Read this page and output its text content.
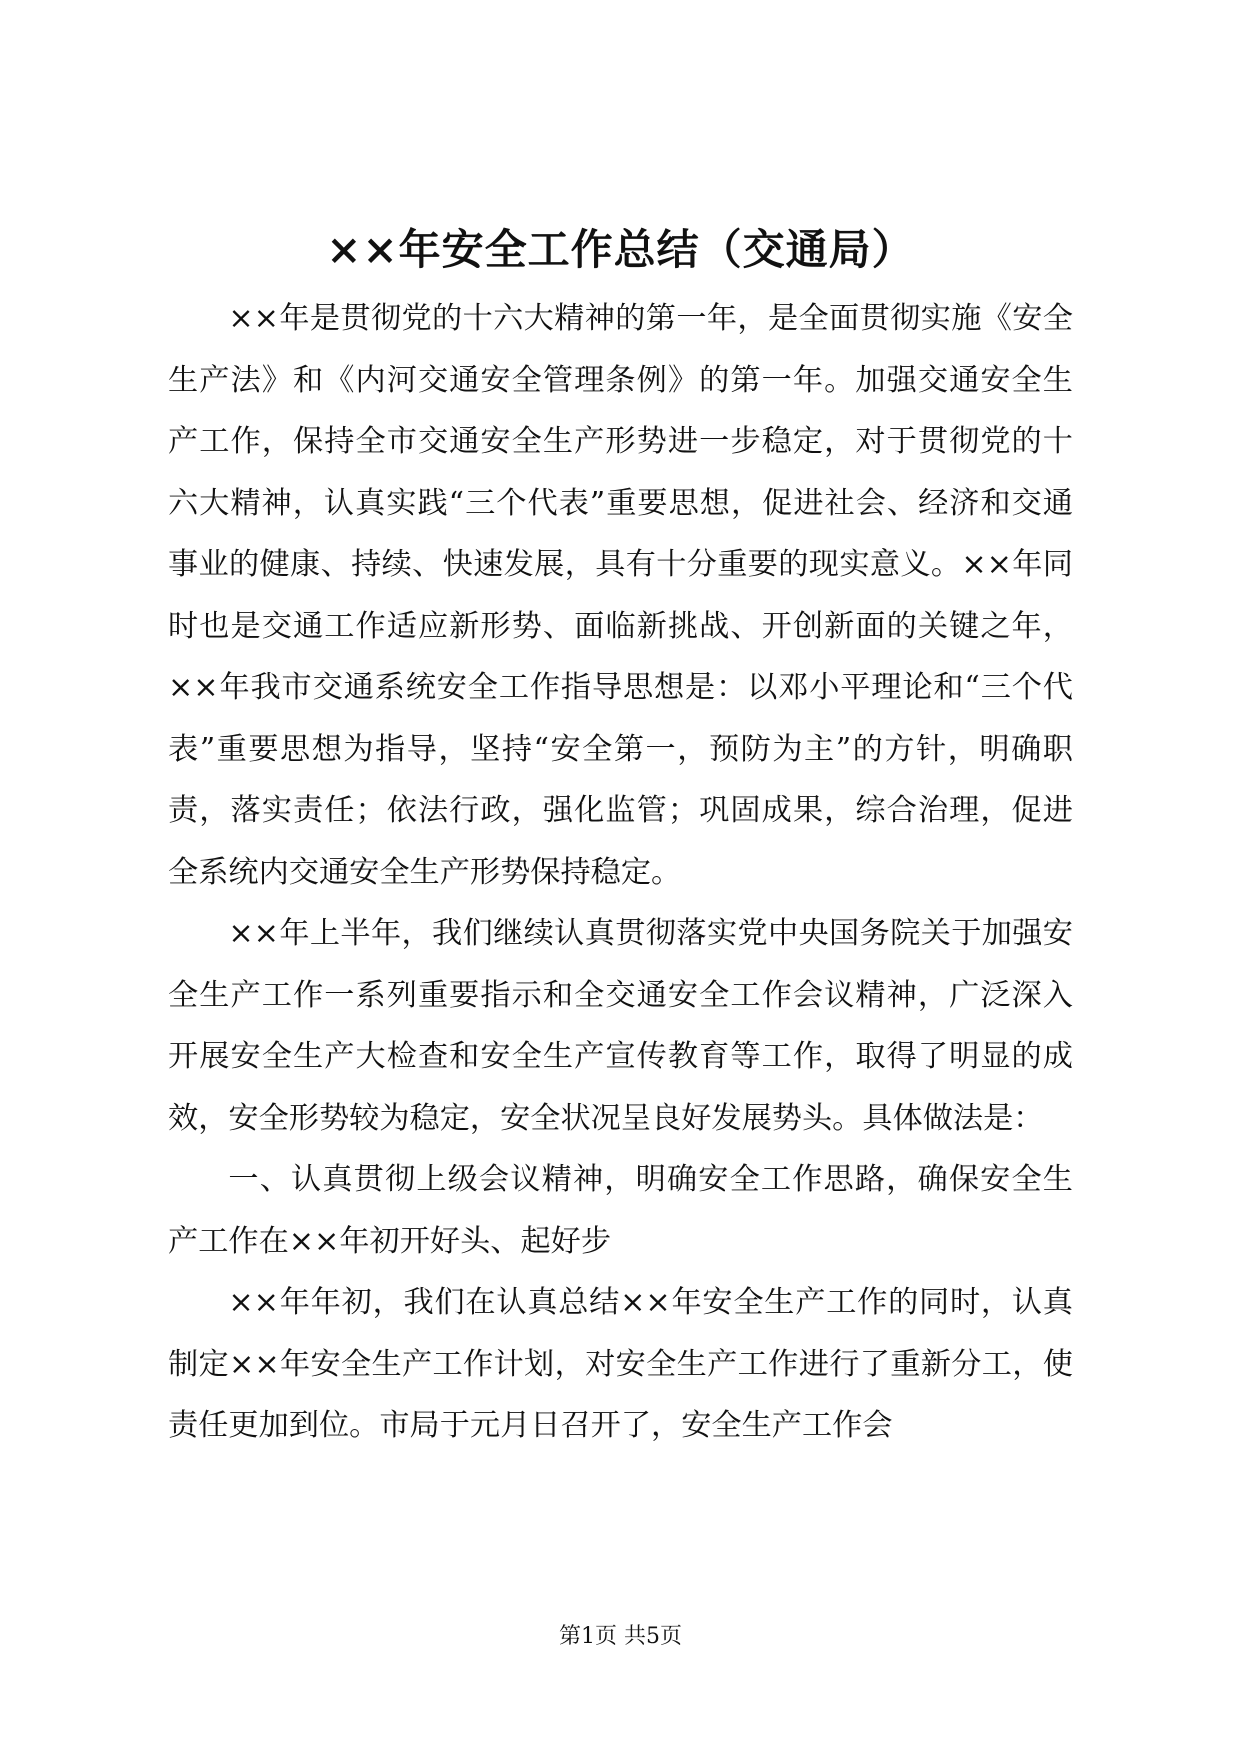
××年安全工作总结（交通局）

××年是贯彻党的十六大精神的第一年，是全面贯彻实施《安全生产法》和《内河交通安全管理条例》的第一年。加强交通安全生产工作，保持全市交通安全生产形势进一步稳定，对于贯彻党的十六大精神，认真实践“三个代表”重要思想，促进社会、经济和交通事业的健康、持续、快速发展，具有十分重要的现实意义。××年同时也是交通工作适应新形势、面临新挑战、开创新面的关键之年，××年我市交通系统安全工作指导思想是：以邓小平理论和“三个代表”重要思想为指导，坚持“安全第一，预防为主”的方针，明确职责，落实责任；依法行政，强化监管；巩固成果，综合治理，促进全系统内交通安全生产形势保持稳定。

××年上半年，我们继续认真贯彻落实党中央国务院关于加强安全生产工作一系列重要指示和全交通安全工作会议精神，广泛深入开展安全生产大检查和安全生产宣传教育等工作，取得了明显的成效，安全形势较为稳定，安全状况呈良好发展势头。具体做法是：

一、认真贯彻上级会议精神，明确安全工作思路，确保安全生产工作在××年初开好头、起好步

××年年初，我们在认真总结××年安全生产工作的同时，认真制定××年安全生产工作计划，对安全生产工作进行了重新分工，使责任更加到位。市局于元月日召开了，安全生产工作会

第1页 共5页
